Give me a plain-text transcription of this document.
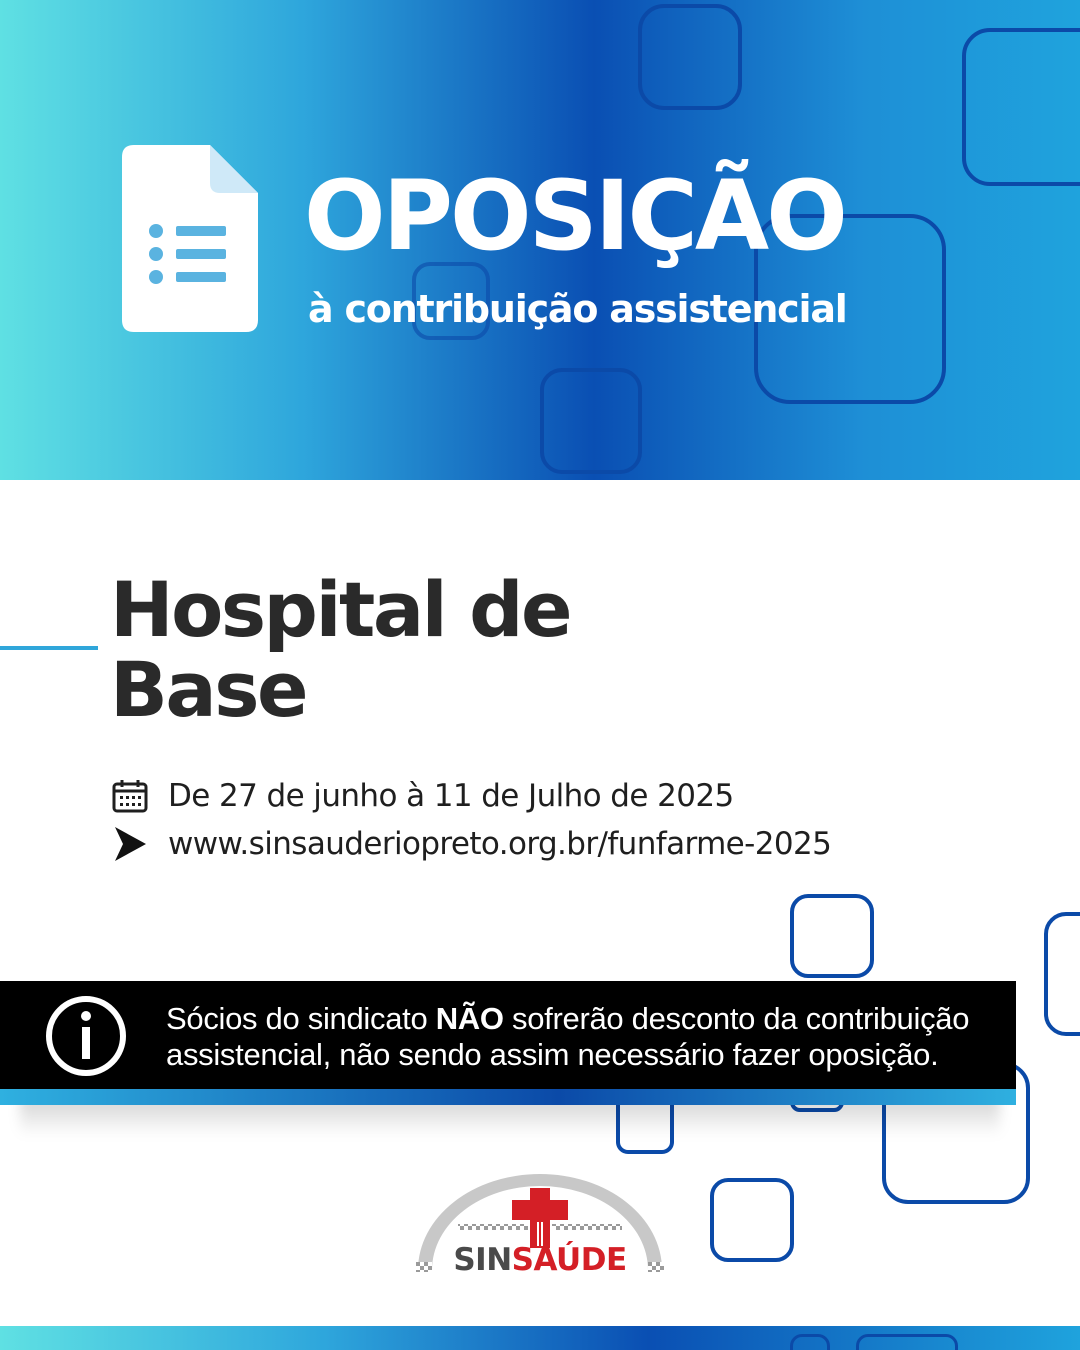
OPOSIÇÃO
à contribuição assistencial
Hospital de
Base
De 27 de junho à 11 de Julho de 2025
www.sinsauderiopreto.org.br/funfarme-2025

Sócios do sindicato NÃO sofrerão desconto da contribuição assistencial, não sendo assim necessário fazer oposição.

SINSAÚDE
